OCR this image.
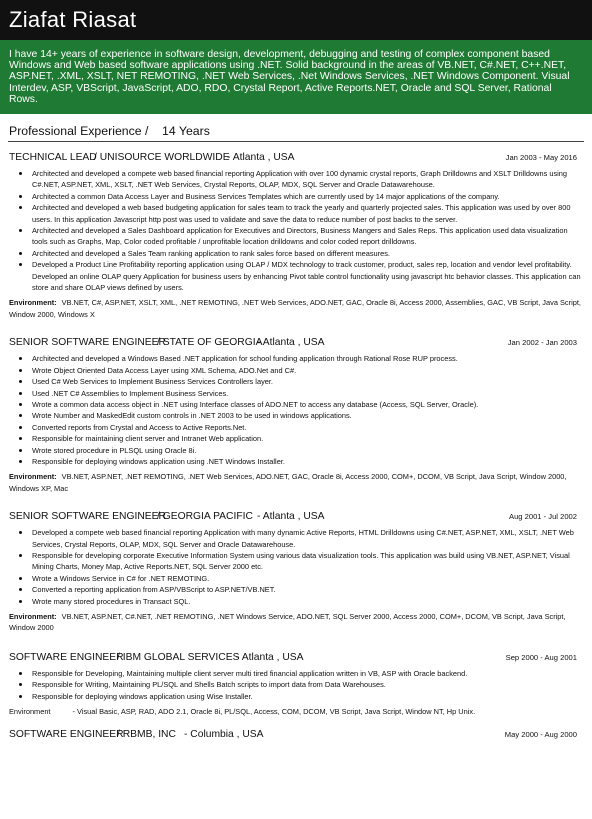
Ziafat Riasat
I have 14+ years of experience in software design, development, debugging and testing of complex component based Windows and Web based software applications using .NET. Solid background in the areas of VB.NET, C#.NET, C++.NET, ASP.NET, .XML, XSLT, NET REMOTING, .NET Web Services, .Net Windows Services, .NET Windows Component. Visual Interdev, ASP, VBScript, JavaScript, ADO, RDO, Crystal Report, Active Reports.NET, Oracle and SQL Server, Rational Rows.
Professional Experience / 14 Years
TECHNICAL LEAD
/ UNISOURCE WORLDWIDE
- Atlanta , USA	Jan 2003 - May 2016
Architected and developed a compete web based financial reporting Application with over 100 dynamic crystal reports, Graph Drilldowns and XSLT Drilldowns using C#.NET, ASP.NET, XML, XSLT, .NET Web Services, Crystal Reports, OLAP, MDX, SQL Server and Oracle Datawarehouse.
Architected a common Data Access Layer and Business Services Templates which are currently used by 14 major applications of the company.
Architected and developed a web based budgeting application for sales team to track the yearly and quarterly projected sales. This application was used by over 800 users. In this application Javascript http post was used to validate and save the data to reduce number of post backs to the server.
Architected and developed a Sales Dashboard application for Executives and Directors, Business Mangers and Sales Reps. This application used data visualization tools such as Graphs, Map, Color coded profitable / unprofitable location drilldowns and color coded report drilldowns.
Architected and developed a Sales Team ranking application to rank sales force based on different measures.
Developed a Product Line Profitability reporting application using OLAP / MDX technology to track customer, product, sales rep, location and vendor level profitability. Developed an online OLAP query Application for business users by enhancing Pivot table control functionality using javascript htc behavior classes. This application can store and share OLAP views defined by users.
Environment: VB.NET, C#, ASP.NET, XSLT, XML, .NET REMOTING, .NET Web Services, ADO.NET, GAC, Oracle 8i, Access 2000, Assemblies, GAC, VB Script, Java Script, Window 2000, Windows X
SENIOR SOFTWARE ENGINEER
/ STATE OF GEORGIA
- Atlanta , USA	Jan 2002 - Jan 2003
Architected and developed a Windows Based .NET application for school funding application through Rational Rose RUP process.
Wrote Object Oriented Data Access Layer using XML Schema, ADO.Net and C#.
Used C# Web Services to Implement Business Services Controllers layer.
Used .NET C# Assemblies to Implement Business Services.
Wrote a common data access object in .NET using Interface classes of ADO.NET to access any database (Access, SQL Server, Oracle).
Wrote Number and MaskedEdit custom controls in .NET 2003 to be used in windows applications.
Converted reports from Crystal and Access to Active Reports.Net.
Responsible for maintaining client server and Intranet Web application.
Wrote stored procedure in PLSQL using Oracle 8i.
Responsible for deploying windows application using .NET Windows Installer.
Environment: VB.NET, ASP.NET, .NET REMOTING, .NET Web Services, ADO.NET, GAC, Oracle 8i, Access 2000, COM+, DCOM, VB Script, Java Script, Window 2000, Windows XP, Mac
SENIOR SOFTWARE ENGINEER
/ GEORGIA PACIFIC - Atlanta , USA	Aug 2001 - Jul 2002
Developed a compete web based financial reporting Application with many dynamic Active Reports, HTML Drilldowns using C#.NET, ASP.NET, XML, XSLT, .NET Web Services, Crystal Reports, OLAP, MDX, SQL Server and Oracle Datawarehouse.
Responsible for developing corporate Executive Information System using various data visualization tools. This application was build using VB.NET, ASP.NET, Visual Mining Charts, Money Map, Active Reports.NET, SQL Server 2000 etc.
Wrote a Windows Service in C# for .NET REMOTING.
Converted a reporting application from ASP/VBScript to ASP.NET/VB.NET.
Wrote many stored procedures in Transact SQL.
Environment: VB.NET, ASP.NET, C#.NET, .NET REMOTING, .NET Windows Service, ADO.NET, SQL Server 2000, Access 2000, COM+, DCOM, VB Script, Java Script, Window 2000
SOFTWARE ENGINEER
/ IBM GLOBAL SERVICES
- Atlanta , USA	Sep 2000 - Aug 2001
Responsible for Developing, Maintaining multiple client server multi tired financial application written in VB, ASP with Oracle backend.
Responsible for Writing, Maintaining PL/SQL and Shells Batch scripts to import data from Data Warehouses.
Responsible for deploying windows application using Wise Installer.
Environment	- Visual Basic, ASP, RAD, ADO 2.1, Oracle 8i, PL/SQL, Access, COM, DCOM, VB Script, Java Script, Window NT, Hp Unix.
SOFTWARE ENGINEER
/ RBMB, INC - Columbia , USA	May 2000 - Aug 2000
